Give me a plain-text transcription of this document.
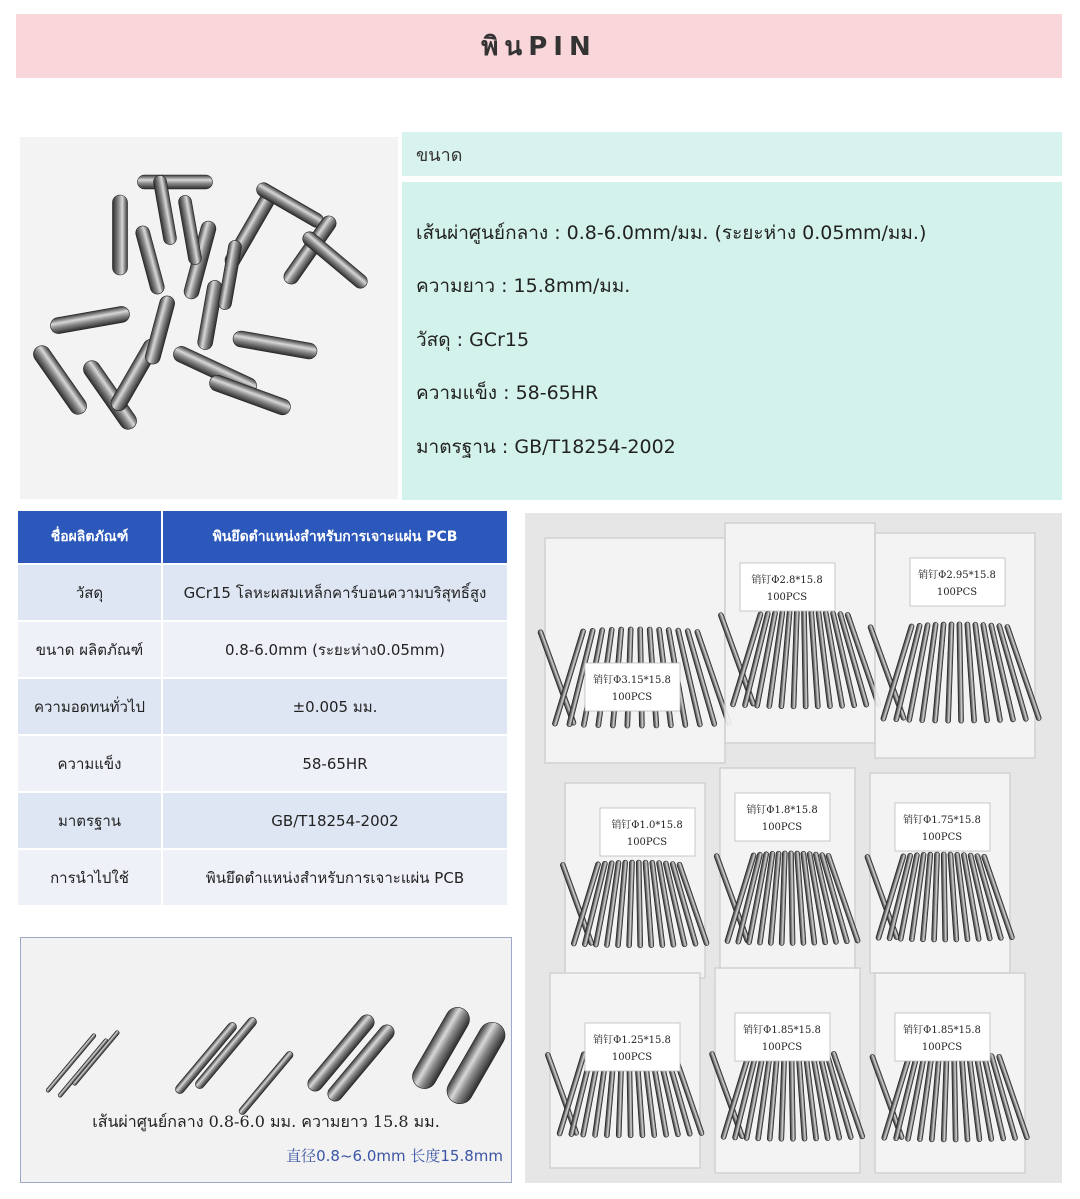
พินPIN
ขนาด
เส้นผ่าศูนย์กลาง : 0.8-6.0mm/มม. (ระยะห่าง 0.05mm/มม.)
ความยาว : 15.8mm/มม.
วัสดุ : GCr15
ความแข็ง : 58-65HR
มาตรฐาน : GB/T18254-2002
ชื่อผลิตภัณฑ์	พินยึดตำแหน่งสำหรับการเจาะแผ่น PCB
วัสดุ	GCr15 โลหะผสมเหล็กคาร์บอนความบริสุทธิ์สูง
ขนาด ผลิตภัณฑ์	0.8-6.0mm (ระยะห่าง0.05mm)
ความอดทนทั่วไป	±0.005 มม.
ความแข็ง	58-65HR
มาตรฐาน	GB/T18254-2002
การนำไปใช้	พินยึดตำแหน่งสำหรับการเจาะแผ่น PCB
销钉Φ3.15*15.8
100PCS
销钉Φ2.8*15.8
100PCS
销钉Φ2.95*15.8
100PCS
销钉Φ1.0*15.8
100PCS
销钉Φ1.8*15.8
100PCS
销钉Φ1.75*15.8
100PCS
销钉Φ1.25*15.8
100PCS
销钉Φ1.85*15.8
100PCS
销钉Φ1.85*15.8
100PCS
เส้นผ่าศูนย์กลาง 0.8-6.0 มม. ความยาว 15.8 มม.
直径0.8~6.0mm 长度15.8mm
